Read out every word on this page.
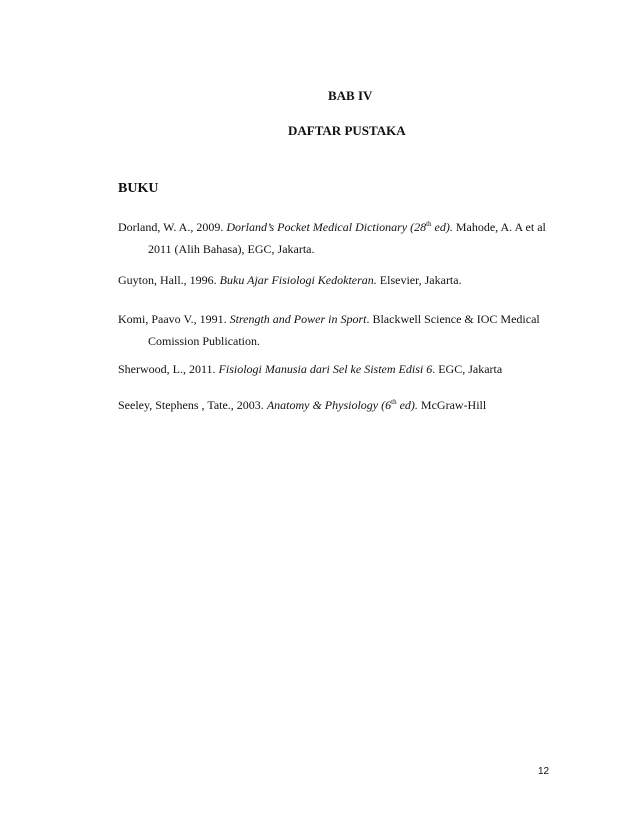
BAB IV
DAFTAR PUSTAKA
BUKU
Dorland, W. A., 2009. Dorland’s Pocket Medical Dictionary (28th ed). Mahode, A. A et al 2011 (Alih Bahasa), EGC, Jakarta.
Guyton, Hall., 1996. Buku Ajar Fisiologi Kedokteran. Elsevier, Jakarta.
Komi, Paavo V., 1991. Strength and Power in Sport. Blackwell Science & IOC Medical Comission Publication.
Sherwood, L., 2011. Fisiologi Manusia dari Sel ke Sistem Edisi 6. EGC, Jakarta
Seeley, Stephens , Tate., 2003. Anatomy & Physiology (6th ed). McGraw-Hill
12
